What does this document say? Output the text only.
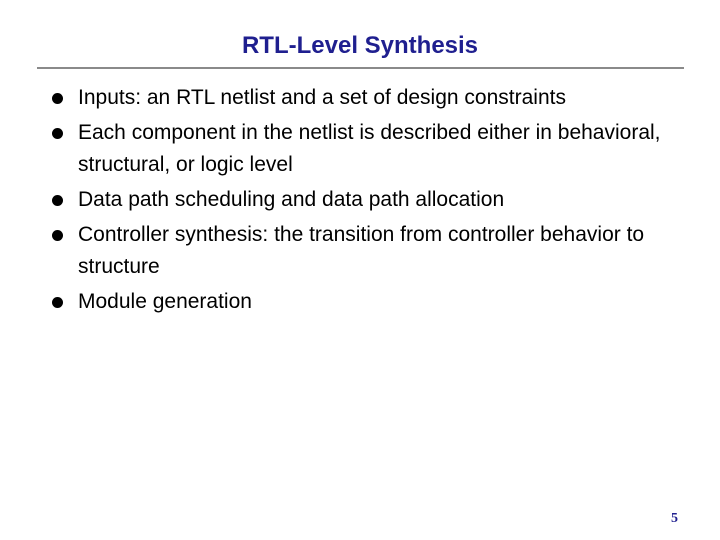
RTL-Level Synthesis
Inputs: an RTL netlist and a set of design constraints
Each component in the netlist is described either in behavioral, structural, or logic level
Data path scheduling and data path allocation
Controller synthesis: the transition from controller behavior to structure
Module generation
5
